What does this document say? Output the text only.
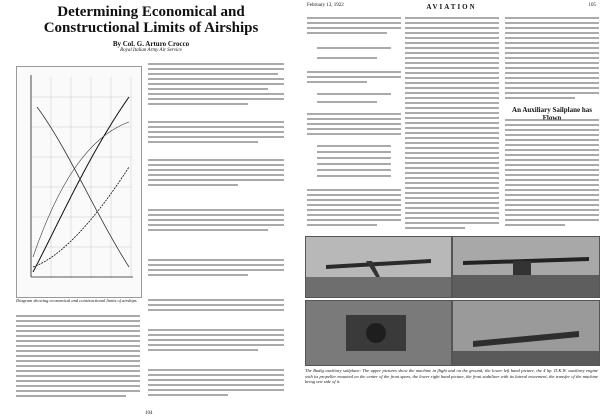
Determining Economical and Constructional Limits of Airships
By Col. G. Arturo Crocco
Royal Italian Army Air Service
Diagram showing economical and constructional limits of airships
104
February 13, 1922	AVIATION	105
An Auxiliary Sailplane has Flown
The Budig auxiliary sailplane: The upper pictures show the machine in flight and on the ground; the lower left hand picture, the 4 hp. D.K.W. auxiliary engine with its propeller mounted on the center of the front spars, the lower right hand picture, the front stabilizer with its lateral movement, the transfer of the machine being one side of it.
